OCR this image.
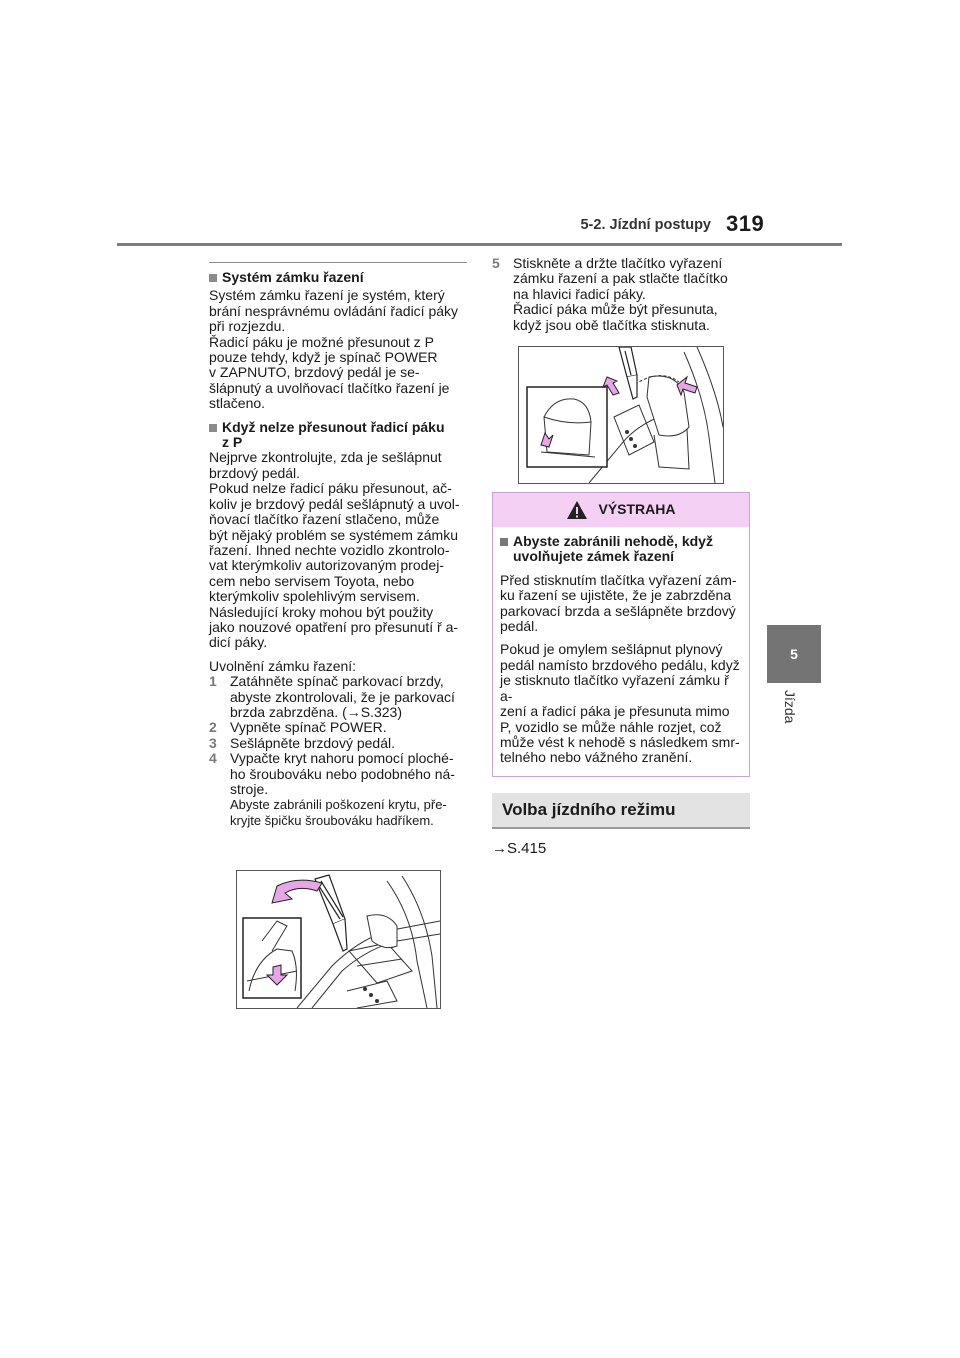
5-2. Jízdní postupy 319
5
Jízda
Systém zámku řazení
Systém zámku řazení je systém, který
brání nesprávnému ovládání řadicí páky
při rozjezdu.
Řadicí páku je možné přesunout z P
pouze tehdy, když je spínač POWER
v ZAPNUTO, brzdový pedál je se-
šlápnutý a uvolňovací tlačítko řazení je
stlačeno.
Když nelze přesunout řadicí páku
z P
Nejprve zkontrolujte, zda je sešlápnut
brzdový pedál.
Pokud nelze řadicí páku přesunout, ač-
koliv je brzdový pedál sešlápnutý a uvol-
ňovací tlačítko řazení stlačeno, může
být nějaký problém se systémem zámku
řazení. Ihned nechte vozidlo zkontrolo-
vat kterýmkoliv autorizovaným prodej-
cem nebo servisem Toyota, nebo
kterýmkoliv spolehlivým servisem.
Následující kroky mohou být použity
jako nouzové opatření pro přesunutí ř a-
dicí páky.
Uvolnění zámku řazení:
1 Zatáhněte spínač parkovací brzdy,
abyste zkontrolovali, že je parkovací
brzda zabrzděna. (→S.323)
2 Vypněte spínač POWER.
3 Sešlápněte brzdový pedál.
4 Vypačte kryt nahoru pomocí ploché-
ho šroubováku nebo podobného ná-
stroje.
Abyste zabránili poškození krytu, pře-
kryjte špičku šroubováku hadříkem.
5 Stiskněte a držte tlačítko vyřazení
zámku řazení a pak stlačte tlačítko
na hlavici řadicí páky.
Řadicí páka může být přesunuta,
když jsou obě tlačítka stisknuta.
VÝSTRAHA
Abyste zabránili nehodě, když
uvolňujete zámek řazení
Před stisknutím tlačítka vyřazení zám-
ku řazení se ujistěte, že je zabrzděna
parkovací brzda a sešlápněte brzdový
pedál.
Pokud je omylem sešlápnut plynový
pedál namísto brzdového pedálu, když
je stisknuto tlačítko vyřazení zámku ř a-
zení a řadicí páka je přesunuta mimo
P, vozidlo se může náhle rozjet, což
může vést k nehodě s následkem smr-
telného nebo vážného zranění.
Volba jízdního režimu
→S.415
